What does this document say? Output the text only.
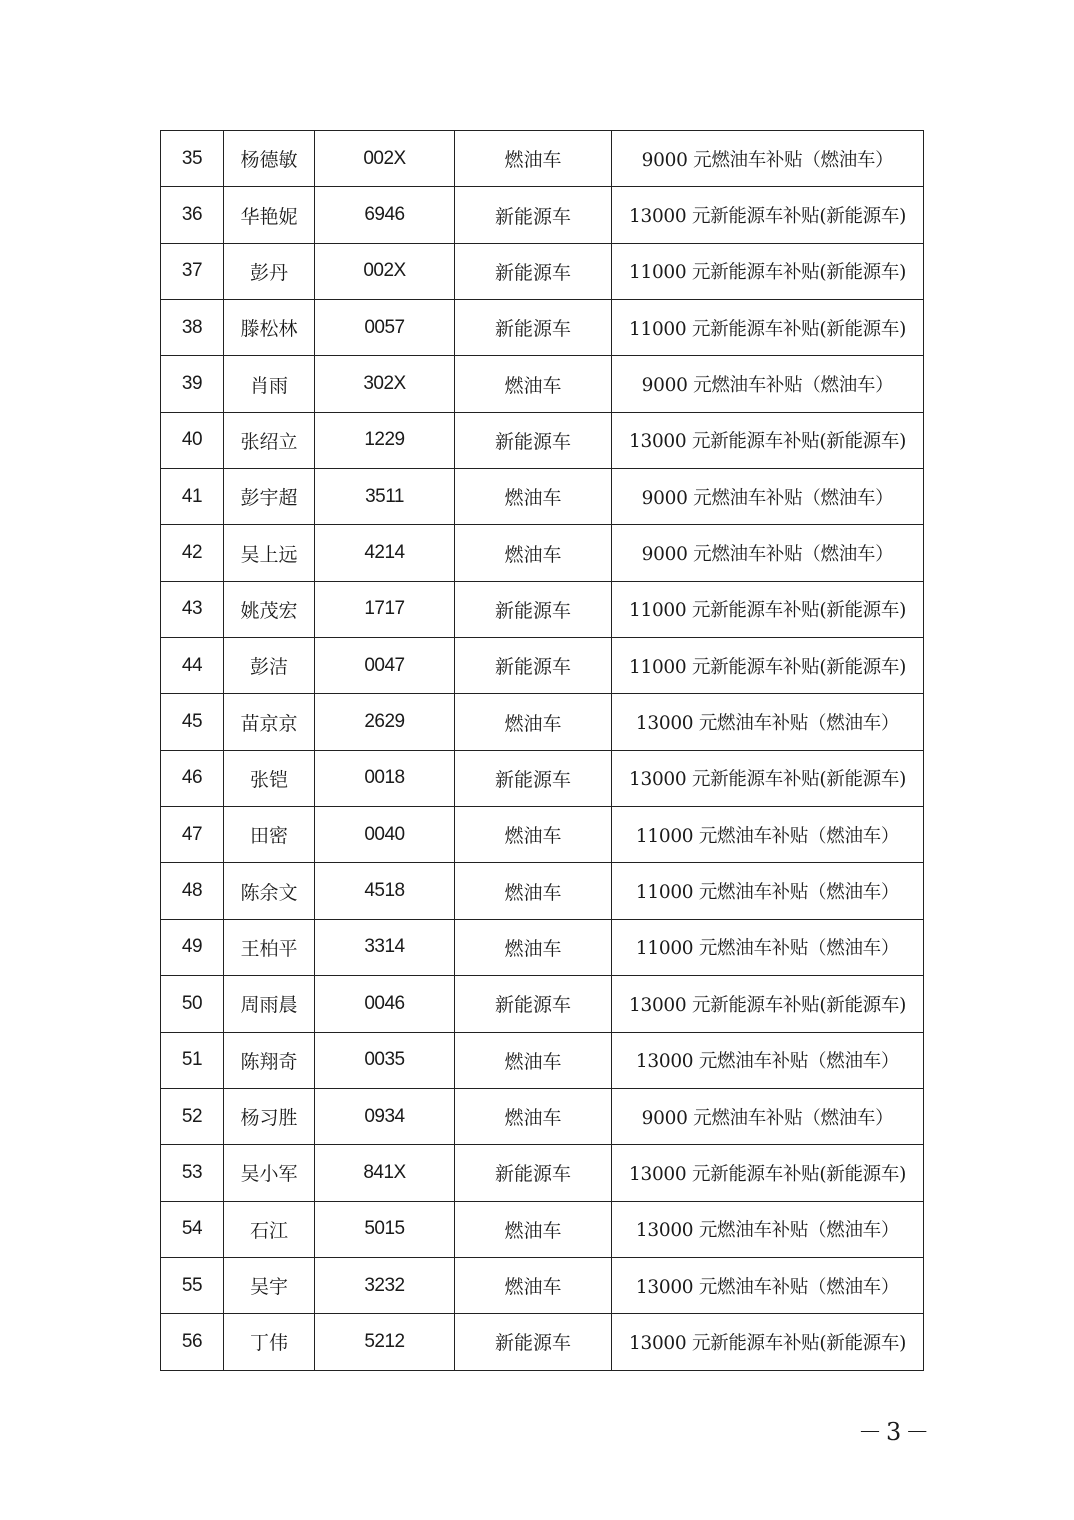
35	杨德敏	002X	燃油车	9000 元燃油车补贴（燃油车）
36	华艳妮	6946	新能源车	13000 元新能源车补贴(新能源车)
37	彭丹	002X	新能源车	11000 元新能源车补贴(新能源车)
38	滕松林	0057	新能源车	11000 元新能源车补贴(新能源车)
39	肖雨	302X	燃油车	9000 元燃油车补贴（燃油车）
40	张绍立	1229	新能源车	13000 元新能源车补贴(新能源车)
41	彭宇超	3511	燃油车	9000 元燃油车补贴（燃油车）
42	吴上远	4214	燃油车	9000 元燃油车补贴（燃油车）
43	姚茂宏	1717	新能源车	11000 元新能源车补贴(新能源车)
44	彭洁	0047	新能源车	11000 元新能源车补贴(新能源车)
45	苗京京	2629	燃油车	13000 元燃油车补贴（燃油车）
46	张铠	0018	新能源车	13000 元新能源车补贴(新能源车)
47	田密	0040	燃油车	11000 元燃油车补贴（燃油车）
48	陈余文	4518	燃油车	11000 元燃油车补贴（燃油车）
49	王柏平	3314	燃油车	11000 元燃油车补贴（燃油车）
50	周雨晨	0046	新能源车	13000 元新能源车补贴(新能源车)
51	陈翔奇	0035	燃油车	13000 元燃油车补贴（燃油车）
52	杨习胜	0934	燃油车	9000 元燃油车补贴（燃油车）
53	吴小军	841X	新能源车	13000 元新能源车补贴(新能源车)
54	石江	5015	燃油车	13000 元燃油车补贴（燃油车）
55	吴宇	3232	燃油车	13000 元燃油车补贴（燃油车）
56	丁伟	5212	新能源车	13000 元新能源车补贴(新能源车)
－3－
